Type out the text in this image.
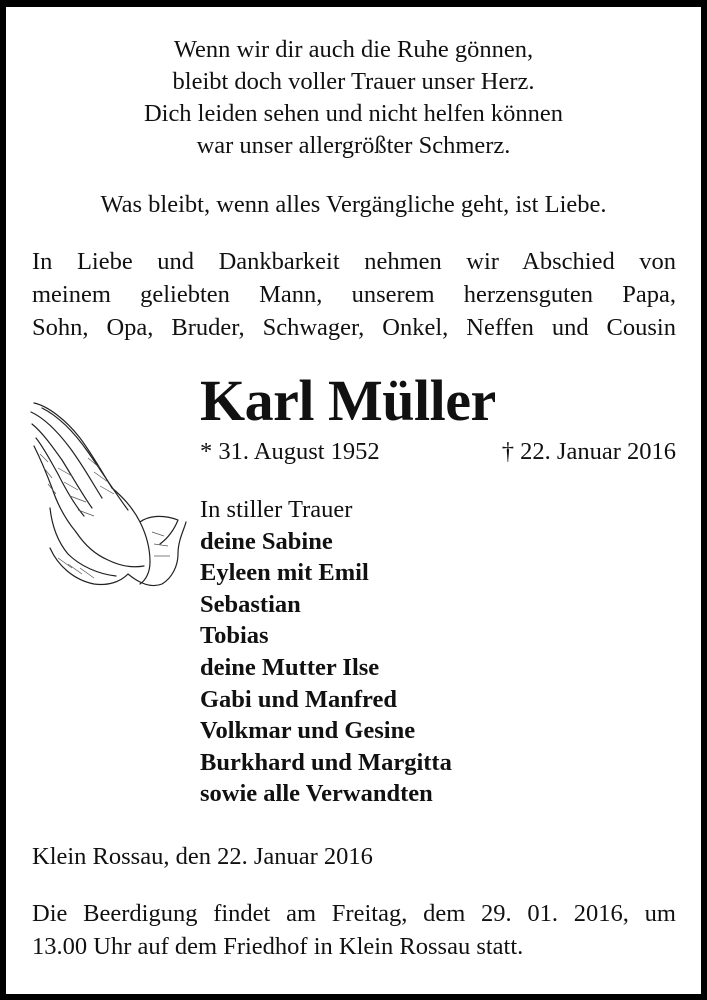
Wenn wir dir auch die Ruhe gönnen,
bleibt doch voller Trauer unser Herz.
Dich leiden sehen und nicht helfen können
war unser allergrößter Schmerz.
Was bleibt, wenn alles Vergängliche geht, ist Liebe.
In Liebe und Dankbarkeit nehmen wir Abschied von
meinem geliebten Mann, unserem herzensguten Papa,
Sohn, Opa, Bruder, Schwager, Onkel, Neffen und Cousin
Karl Müller
* 31. August 1952	† 22. Januar 2016
In stiller Trauer
deine Sabine
Eyleen mit Emil
Sebastian
Tobias
deine Mutter Ilse
Gabi und Manfred
Volkmar und Gesine
Burkhard und Margitta
sowie alle Verwandten
Klein Rossau, den 22. Januar 2016
Die Beerdigung findet am Freitag, dem 29. 01. 2016, um
13.00 Uhr auf dem Friedhof in Klein Rossau statt.
